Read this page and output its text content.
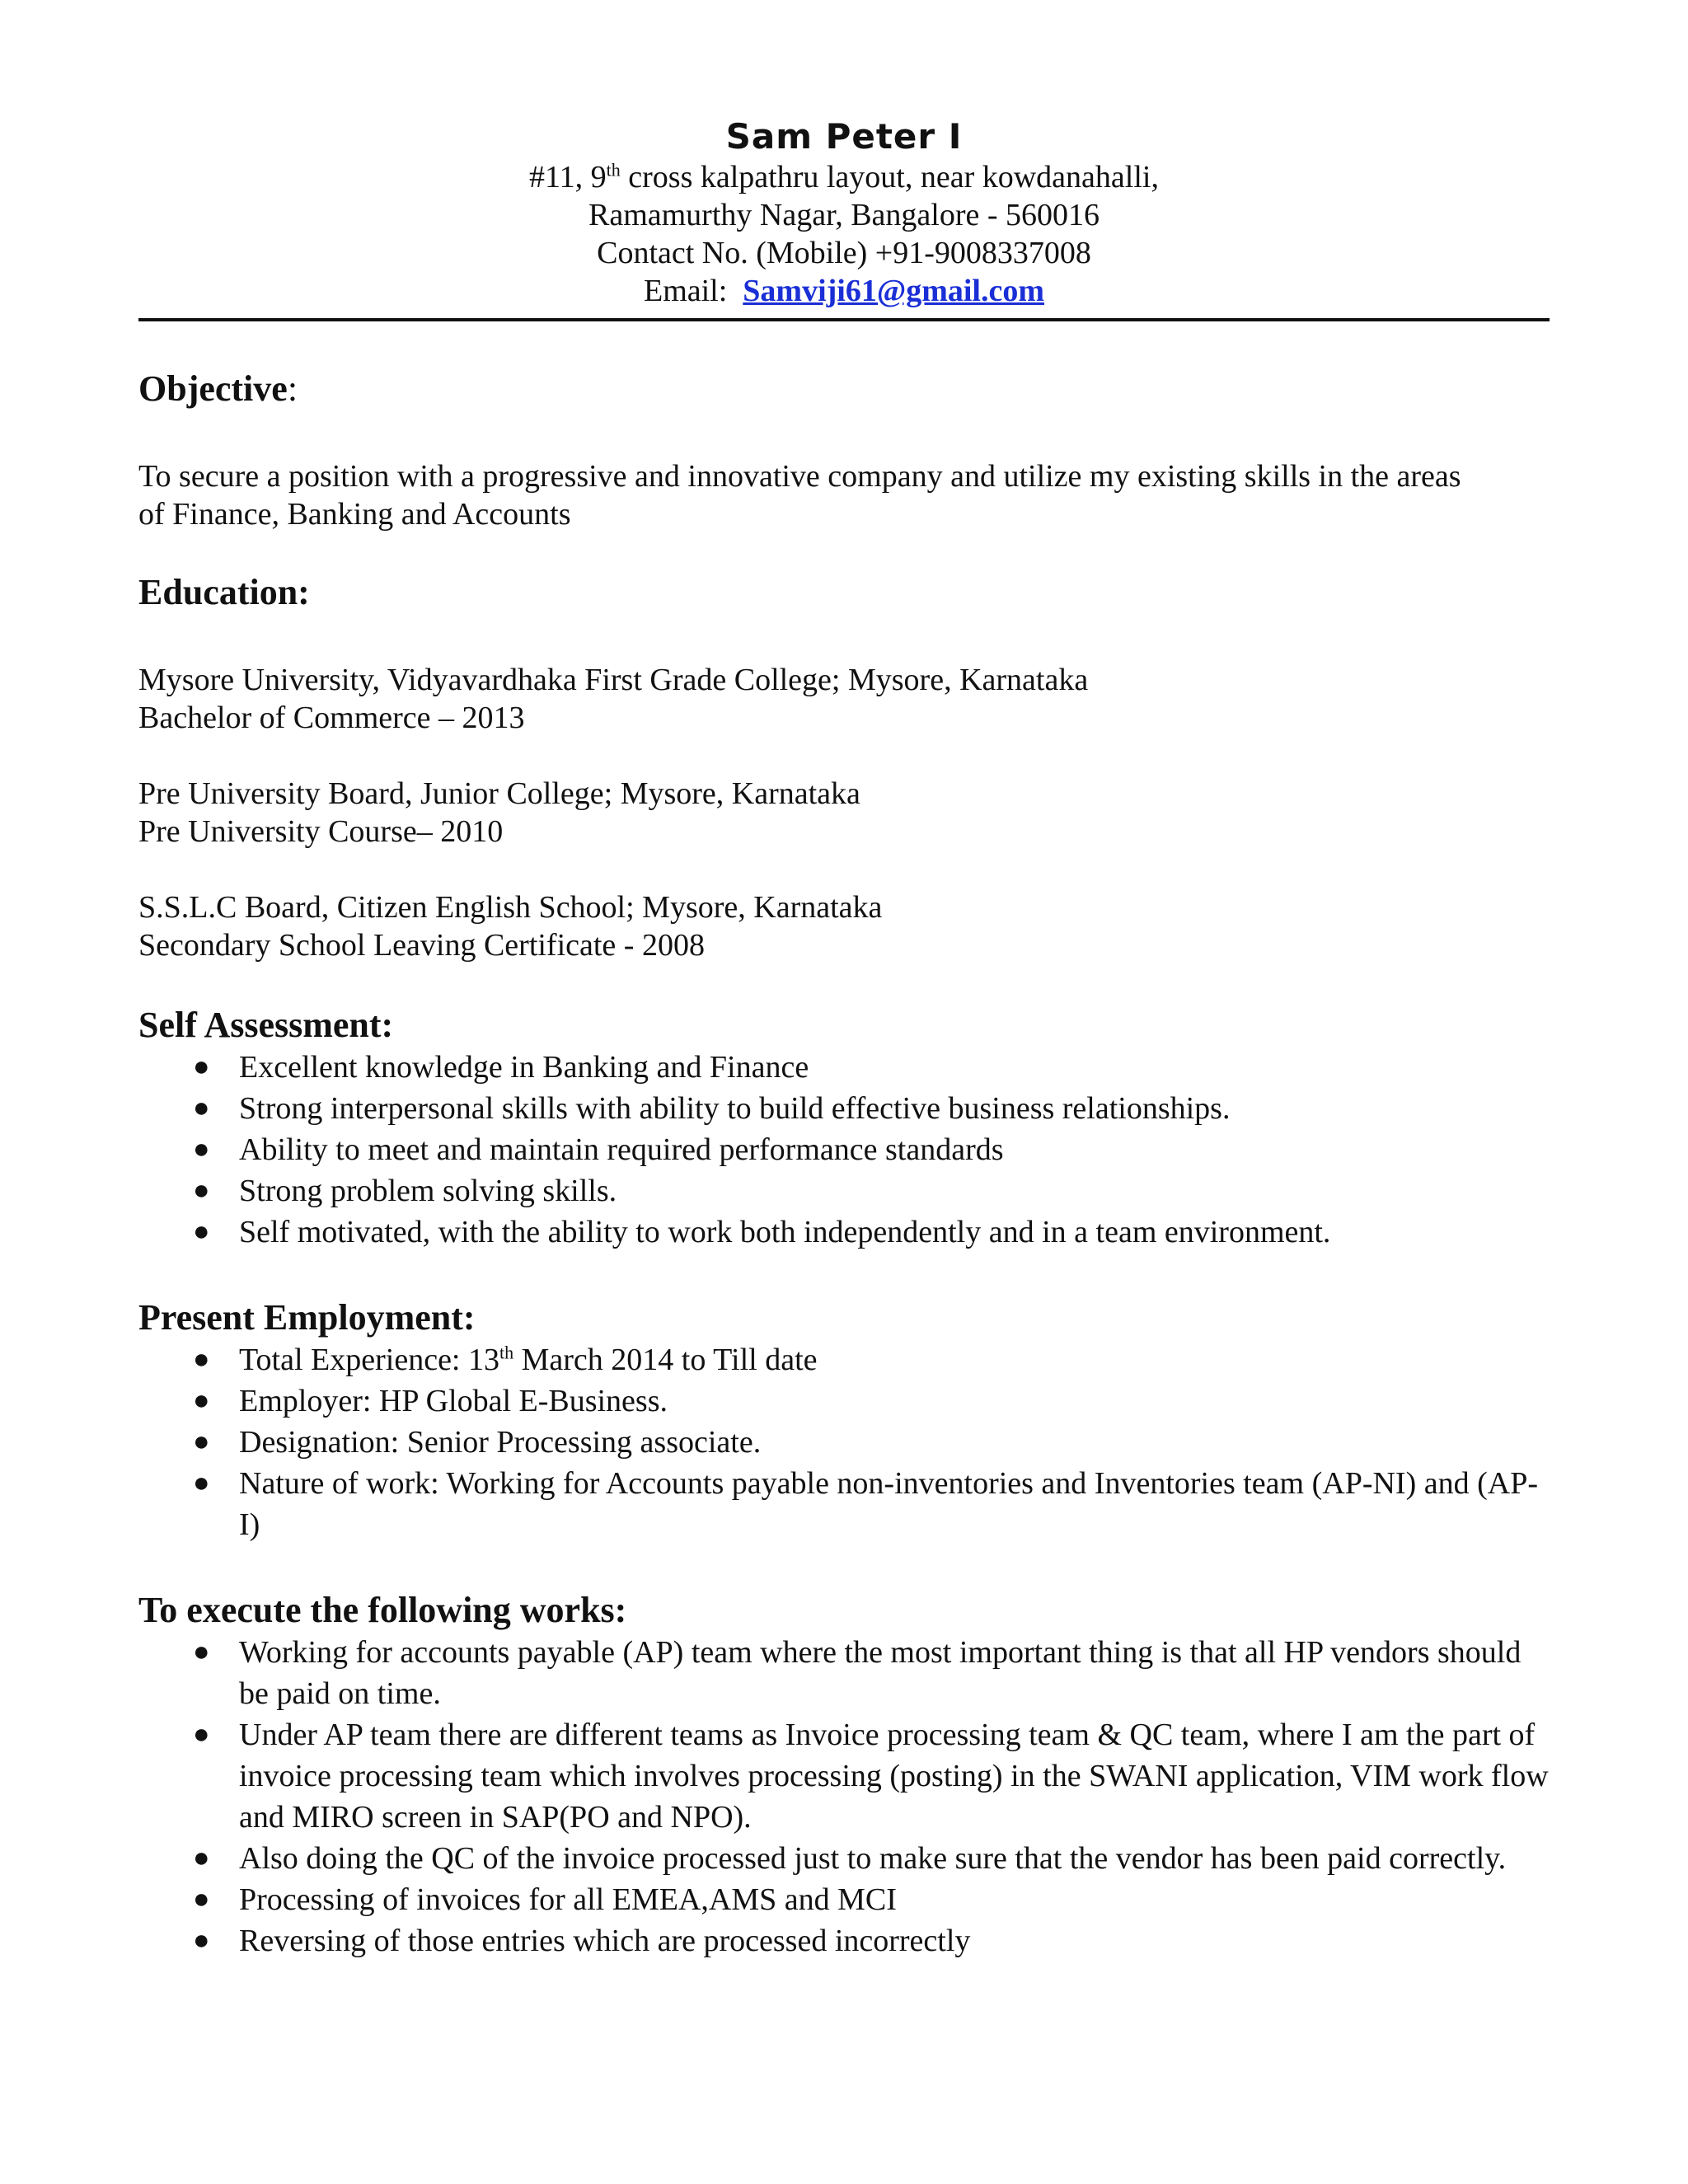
Sam Peter I
#11, 9th cross kalpathru layout, near kowdanahalli,
Ramamurthy Nagar, Bangalore - 560016
Contact No. (Mobile) +91-9008337008
Email:  Samviji61@gmail.com
Objective:
To secure a position with a progressive and innovative company and utilize my existing skills in the areas
of Finance, Banking and Accounts
Education:
Mysore University, Vidyavardhaka First Grade College; Mysore, Karnataka
Bachelor of Commerce – 2013
Pre University Board, Junior College; Mysore, Karnataka
Pre University Course– 2010
S.S.L.C Board, Citizen English School; Mysore, Karnataka
Secondary School Leaving Certificate - 2008
Self Assessment:
● Excellent knowledge in Banking and Finance
● Strong interpersonal skills with ability to build effective business relationships.
● Ability to meet and maintain required performance standards
● Strong problem solving skills.
● Self motivated, with the ability to work both independently and in a team environment.
Present Employment:
● Total Experience: 13th March 2014 to Till date
● Employer: HP Global E-Business.
● Designation: Senior Processing associate.
● Nature of work: Working for Accounts payable non-inventories and Inventories team (AP-NI) and (AP-I)
To execute the following works:
● Working for accounts payable (AP) team where the most important thing is that all HP vendors should be paid on time.
● Under AP team there are different teams as Invoice processing team & QC team, where I am the part of invoice processing team which involves processing (posting) in the SWANI application, VIM work flow and MIRO screen in SAP(PO and NPO).
● Also doing the QC of the invoice processed just to make sure that the vendor has been paid correctly.
● Processing of invoices for all EMEA,AMS and MCI
● Reversing of those entries which are processed incorrectly
